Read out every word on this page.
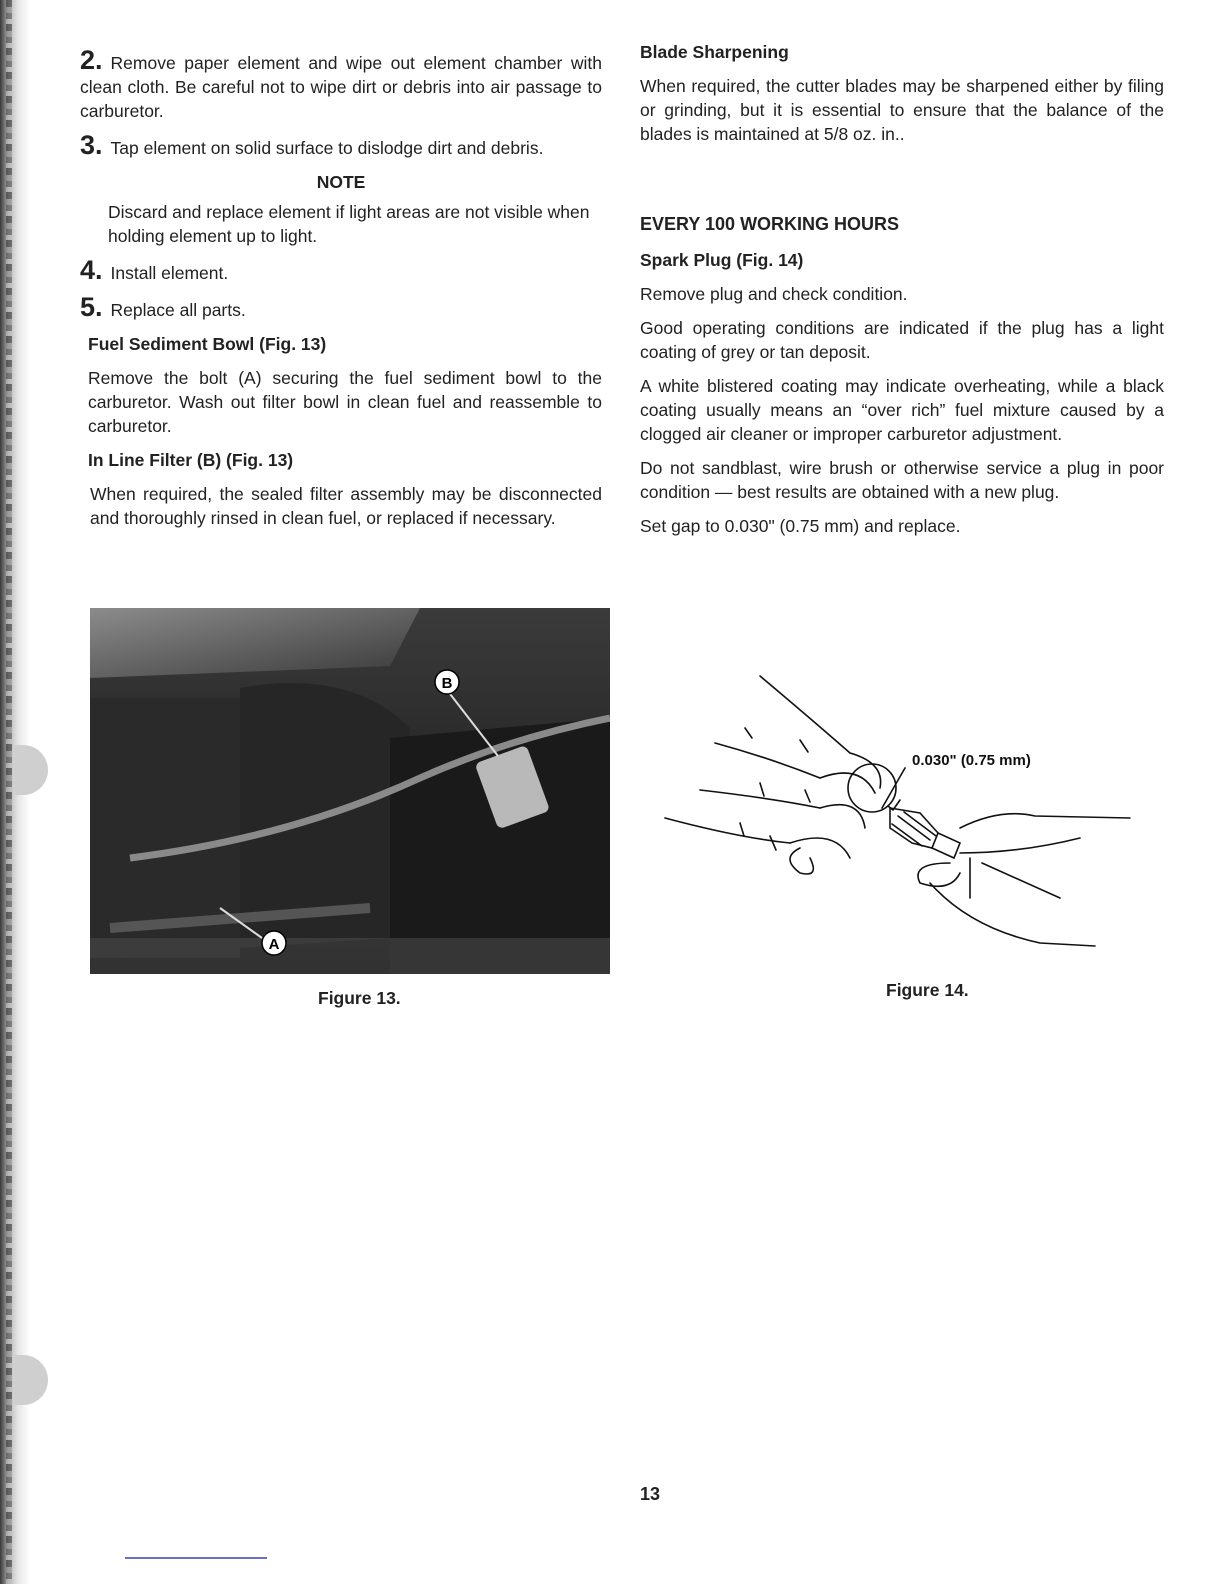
2. Remove paper element and wipe out element chamber with clean cloth. Be careful not to wipe dirt or debris into air passage to carburetor.

3. Tap element on solid surface to dislodge dirt and debris.

NOTE

Discard and replace element if light areas are not visible when holding element up to light.

4. Install element.

5. Replace all parts.

Fuel Sediment Bowl (Fig. 13)

Remove the bolt (A) securing the fuel sediment bowl to the carburetor. Wash out filter bowl in clean fuel and reassemble to carburetor.

In Line Filter (B) (Fig. 13)

When required, the sealed filter assembly may be disconnected and thoroughly rinsed in clean fuel, or replaced if necessary.

B
A
Figure 13.
Blade Sharpening

When required, the cutter blades may be sharpened either by filing or grinding, but it is essential to ensure that the balance of the blades is maintained at 5/8 oz. in..

EVERY 100 WORKING HOURS
Spark Plug (Fig. 14)

Remove plug and check condition.

Good operating conditions are indicated if the plug has a light coating of grey or tan deposit.

A white blistered coating may indicate overheating, while a black coating usually means an “over rich” fuel mixture caused by a clogged air cleaner or improper carburetor adjustment.

Do not sandblast, wire brush or otherwise service a plug in poor condition — best results are obtained with a new plug.

Set gap to 0.030" (0.75 mm) and replace.

0.030" (0.75 mm)
Figure 14.
13
